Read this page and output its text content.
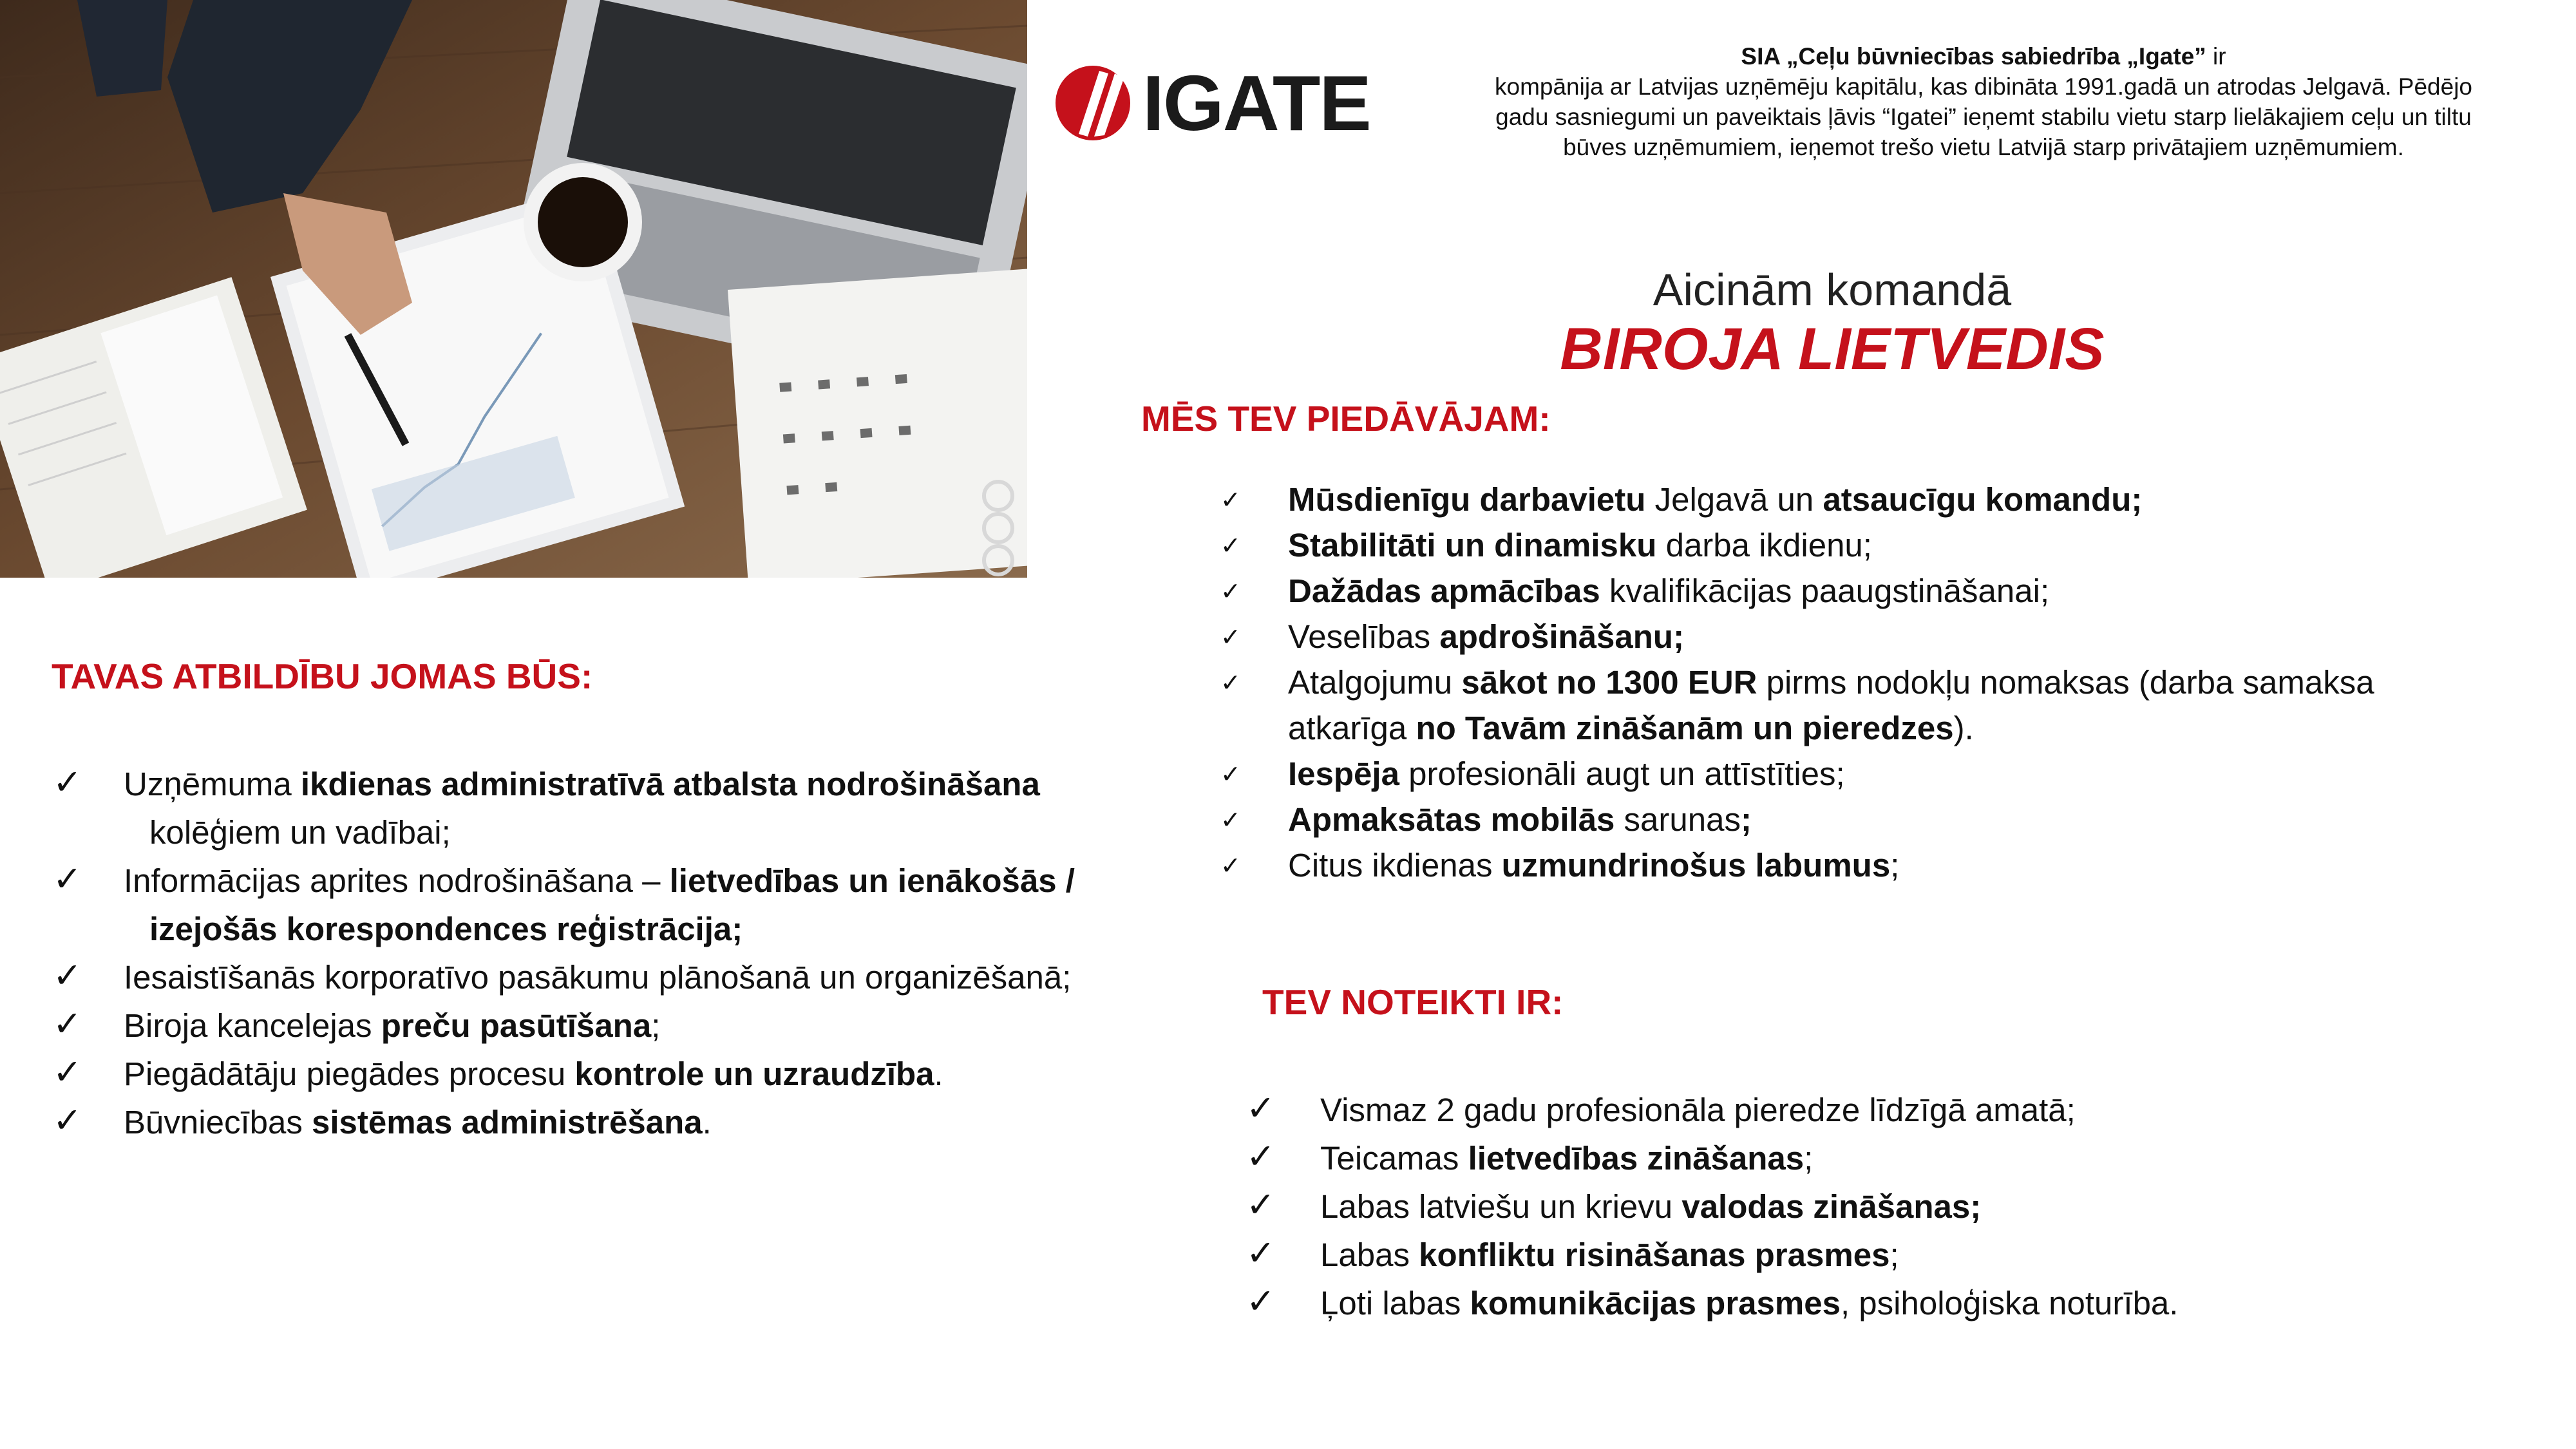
IGATE
SIA „Ceļu būvniecības sabiedrība „Igate” ir
kompānija ar Latvijas uzņēmēju kapitālu, kas dibināta 1991.gadā un atrodas Jelgavā. Pēdējo
gadu sasniegumi un paveiktais ļāvis “Igatei” ieņemt stabilu vietu starp lielākajiem ceļu un tiltu
būves uzņēmumiem, ieņemot trešo vietu Latvijā starp privātajiem uzņēmumiem.
Aicinām komandā
BIROJA LIETVEDIS
MĒS TEV PIEDĀVĀJAM:
✓ Mūsdienīgu darbavietu Jelgavā un atsaucīgu komandu;
✓ Stabilitāti un dinamisku darba ikdienu;
✓ Dažādas apmācības kvalifikācijas paaugstināšanai;
✓ Veselības apdrošināšanu;
✓ Atalgojumu sākot no 1300 EUR pirms nodokļu nomaksas (darba samaksa
atkarīga no Tavām zināšanām un pieredzes).
✓ Iespēja profesionāli augt un attīstīties;
✓ Apmaksātas mobilās sarunas;
✓ Citus ikdienas uzmundrinošus labumus;
TAVAS ATBILDĪBU JOMAS BŪS:
✓ Uzņēmuma ikdienas administratīvā atbalsta nodrošināšana
kolēģiem un vadībai;
✓ Informācijas aprites nodrošināšana – lietvedības un ienākošās /
izejošās korespondences reģistrācija;
✓ Iesaistīšanās korporatīvo pasākumu plānošanā un organizēšanā;
✓ Biroja kancelejas preču pasūtīšana;
✓ Piegādātāju piegādes procesu kontrole un uzraudzība.
✓ Būvniecības sistēmas administrēšana.
TEV NOTEIKTI IR:
✓ Vismaz 2 gadu profesionāla pieredze līdzīgā amatā;
✓ Teicamas lietvedības zināšanas;
✓ Labas latviešu un krievu valodas zināšanas;
✓ Labas konfliktu risināšanas prasmes;
✓ Ļoti labas komunikācijas prasmes, psiholoģiska noturība.
